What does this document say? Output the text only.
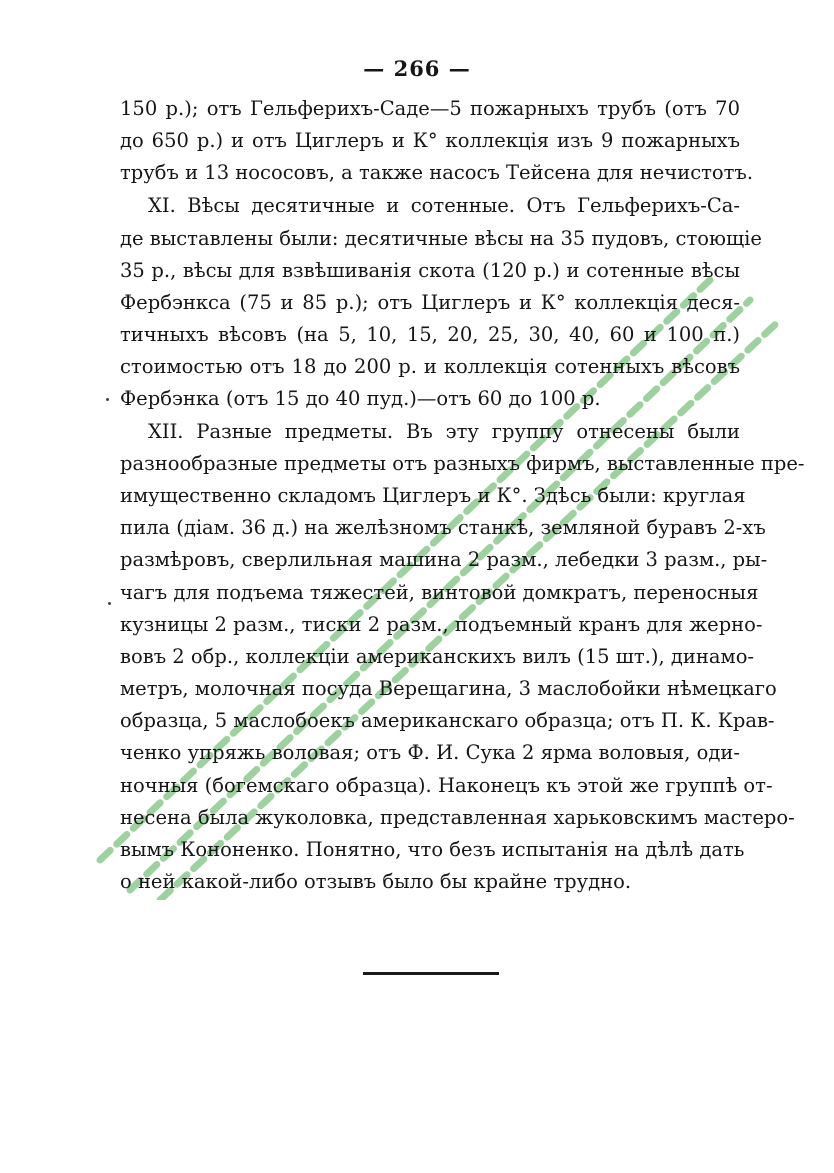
— 266 —
150 р.); отъ Гельферихъ-Саде—5 пожарныхъ трубъ (отъ 70
до 650 р.) и отъ Циглеръ и К° коллекція изъ 9 пожарныхъ
трубъ и 13 нососовъ, а также насосъ Тейсена для нечистотъ.
XI. Вѣсы десятичные и сотенные. Отъ Гельферихъ-Са-
де выставлены были: десятичные вѣсы на 35 пудовъ, стоющіе
35 р., вѣсы для взвѣшиванія скота (120 р.) и сотенные вѣсы
Фербэнкса (75 и 85 р.); отъ Циглеръ и К° коллекція деся-
тичныхъ вѣсовъ (на 5, 10, 15, 20, 25, 30, 40, 60 и 100 п.)
стоимостью отъ 18 до 200 р. и коллекція сотенныхъ вѣсовъ
Фербэнка (отъ 15 до 40 пуд.)—отъ 60 до 100 р.
XII. Разные предметы. Въ эту группу отнесены были
разнообразные предметы отъ разныхъ фирмъ, выставленные пре-
имущественно складомъ Циглеръ и К°. Здѣсь были: круглая
пила (діам. 36 д.) на желѣзномъ станкѣ, земляной буравъ 2-хъ
размѣровъ, сверлильная машина 2 разм., лебедки 3 разм., ры-
чагъ для подъема тяжестей, винтовой домкратъ, переносныя
кузницы 2 разм., тиски 2 разм., подъемный кранъ для жерно-
вовъ 2 обр., коллекціи американскихъ вилъ (15 шт.), динамо-
метръ, молочная посуда Верещагина, 3 маслобойки нѣмецкаго
образца, 5 маслобоекъ американскаго образца; отъ П. К. Крав-
ченко упряжь воловая; отъ Ф. И. Сука 2 ярма воловыя, оди-
ночныя (богемскаго образца). Наконецъ къ этой же группѣ от-
несена была жуколовка, представленная харьковскимъ мастеро-
вымъ Кононенко. Понятно, что безъ испытанія на дѣлѣ дать
о ней какой-либо отзывъ было бы крайне трудно.
